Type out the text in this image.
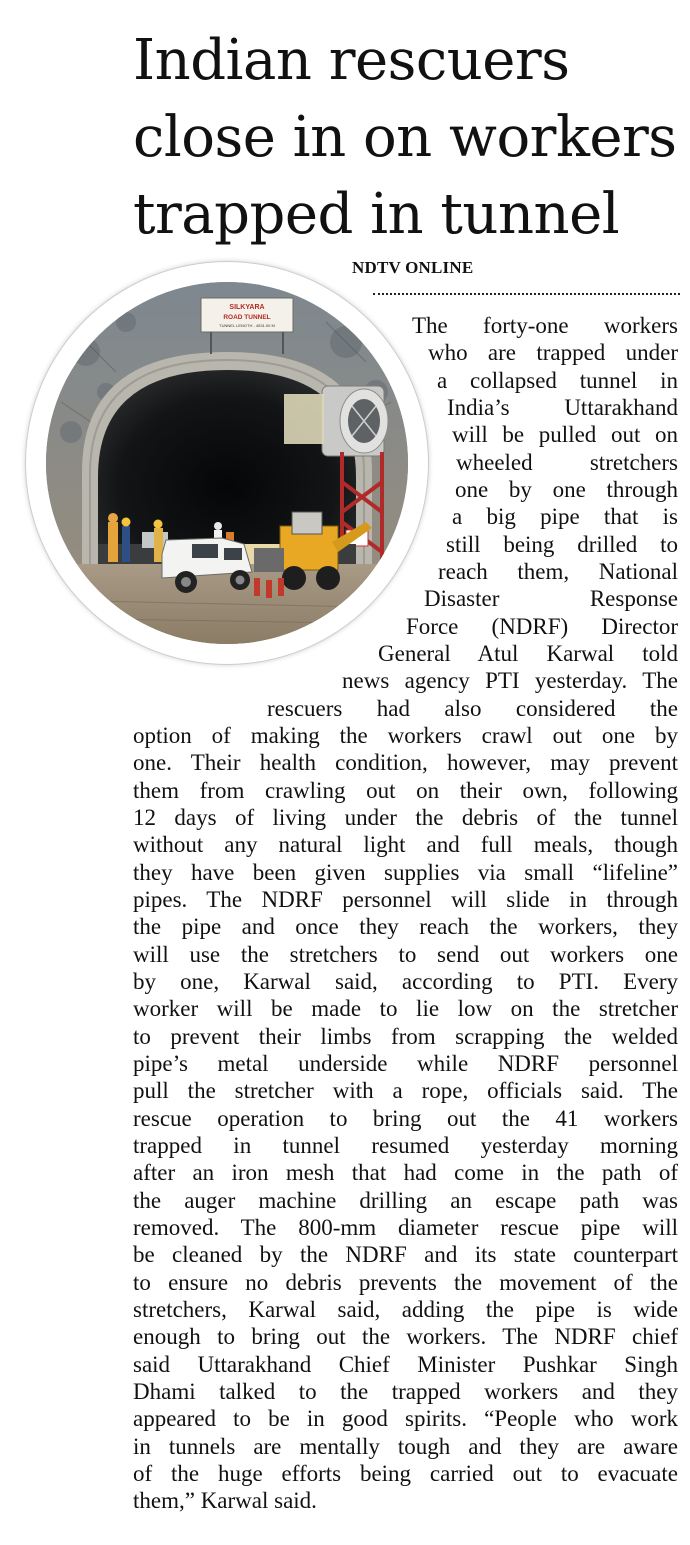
Indian rescuers
close in on workers
trapped in tunnel
NDTV ONLINE
SILKYARA
ROAD TUNNEL
TUNNEL LENGTH - 4531.00 M	The forty-one workers
who are trapped under
a collapsed tunnel in
India’s Uttarakhand
will be pulled out on
wheeled stretchers
one by one through
a big pipe that is
still being drilled to
reach them, National
Disaster Response
Force (NDRF) Director
General Atul Karwal told
news agency PTI yesterday. The
rescuers had also considered the
option of making the workers crawl out one by
one. Their health condition, however, may prevent
them from crawling out on their own, following
12 days of living under the debris of the tunnel
without any natural light and full meals, though
they have been given supplies via small “lifeline”
pipes. The NDRF personnel will slide in through
the pipe and once they reach the workers, they
will use the stretchers to send out workers one
by one, Karwal said, according to PTI. Every
worker will be made to lie low on the stretcher
to prevent their limbs from scrapping the welded
pipe’s metal underside while NDRF personnel
pull the stretcher with a rope, officials said. The
rescue operation to bring out the 41 workers
trapped in tunnel resumed yesterday morning
after an iron mesh that had come in the path of
the auger machine drilling an escape path was
removed. The 800-mm diameter rescue pipe will
be cleaned by the NDRF and its state counterpart
to ensure no debris prevents the movement of the
stretchers, Karwal said, adding the pipe is wide
enough to bring out the workers. The NDRF chief
said Uttarakhand Chief Minister Pushkar Singh
Dhami talked to the trapped workers and they
appeared to be in good spirits. “People who work
in tunnels are mentally tough and they are aware
of the huge efforts being carried out to evacuate
them,” Karwal said.
